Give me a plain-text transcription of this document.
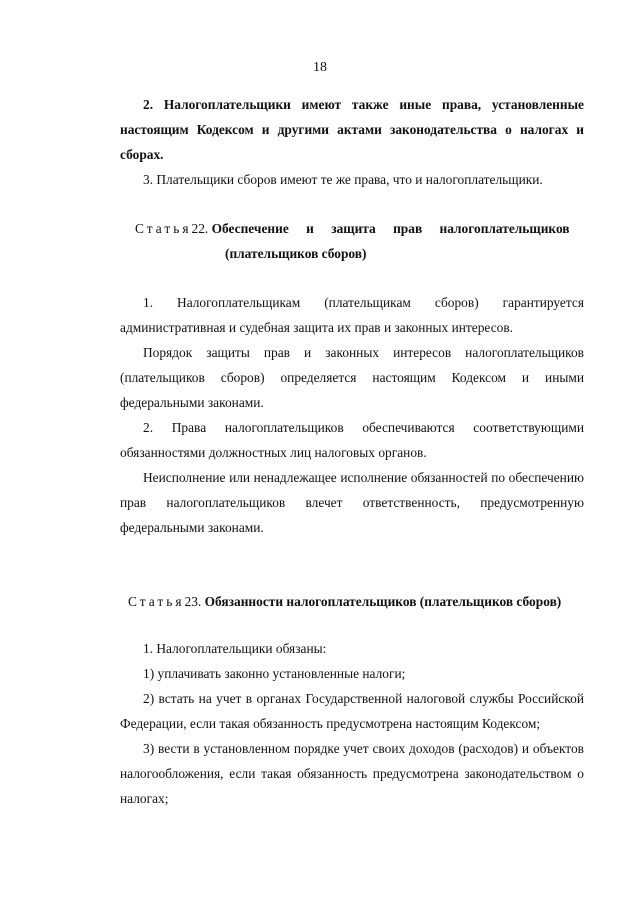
18

2. Налогоплательщики имеют также иные права, установленные настоящим Кодексом и другими актами законодательства о налогах и сборах.

3. Плательщики сборов имеют те же права, что и налогоплательщики.

Статья22. Обеспечение и защита прав налогоплательщиков
(плательщиков сборов)

1. Налогоплательщикам (плательщикам сборов) гарантируется административная и судебная защита их прав и законных интересов.

Порядок защиты прав и законных интересов налогоплательщиков (плательщиков сборов) определяется настоящим Кодексом и иными федеральными законами.

2. Права налогоплательщиков обеспечиваются соответствующими обязанностями должностных лиц налоговых органов.

Неисполнение или ненадлежащее исполнение обязанностей по обеспечению прав налогоплательщиков влечет ответственность, предусмотренную федеральными законами.

Статья23. Обязанности налогоплательщиков (плательщиков сборов)

1. Налогоплательщики обязаны:

1) уплачивать законно установленные налоги;

2) встать на учет в органах Государственной налоговой службы Российской Федерации, если такая обязанность предусмотрена настоящим Кодексом;

3) вести в установленном порядке учет своих доходов (расходов) и объектов налогообложения, если такая обязанность предусмотрена законодательством о налогах;
